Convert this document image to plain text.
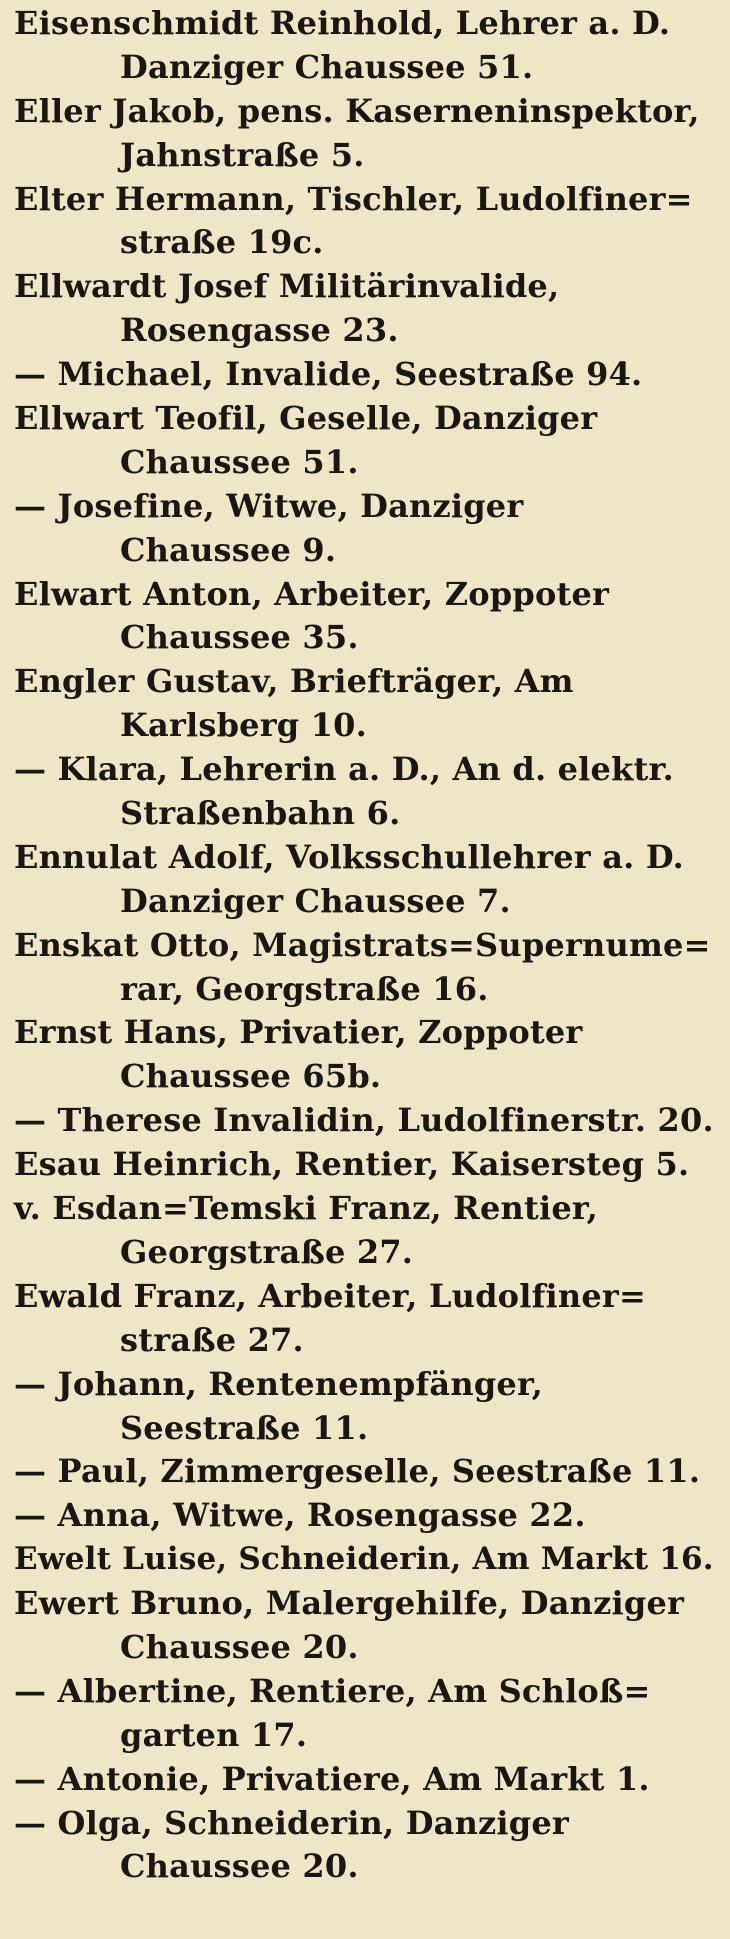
Eisenschmidt Reinhold, Lehrer a. D.
Danziger Chaussee 51.
Eller Jakob, pens. Kaserneninspektor,
Jahnstraße 5.
Elter Hermann, Tischler, Ludolfiner=
straße 19c.
Ellwardt Josef Militärinvalide,
Rosengasse 23.
— Michael, Invalide, Seestraße 94.
Ellwart Teofil, Geselle, Danziger
Chaussee 51.
— Josefine, Witwe, Danziger
Chaussee 9.
Elwart Anton, Arbeiter, Zoppoter
Chaussee 35.
Engler Gustav, Briefträger, Am
Karlsberg 10.
— Klara, Lehrerin a. D., An d. elektr.
Straßenbahn 6.
Ennulat Adolf, Volksschullehrer a. D.
Danziger Chaussee 7.
Enskat Otto, Magistrats=Supernume=
rar, Georgstraße 16.
Ernst Hans, Privatier, Zoppoter
Chaussee 65b.
— Therese Invalidin, Ludolfinerstr. 20.
Esau Heinrich, Rentier, Kaisersteg 5.
v. Esdan=Temski Franz, Rentier,
Georgstraße 27.
Ewald Franz, Arbeiter, Ludolfiner=
straße 27.
— Johann, Rentenempfänger,
Seestraße 11.
— Paul, Zimmergeselle, Seestraße 11.
— Anna, Witwe, Rosengasse 22.
Ewelt Luise, Schneiderin, Am Markt 16.
Ewert Bruno, Malergehilfe, Danziger
Chaussee 20.
— Albertine, Rentiere, Am Schloß=
garten 17.
— Antonie, Privatiere, Am Markt 1.
— Olga, Schneiderin, Danziger
Chaussee 20.
